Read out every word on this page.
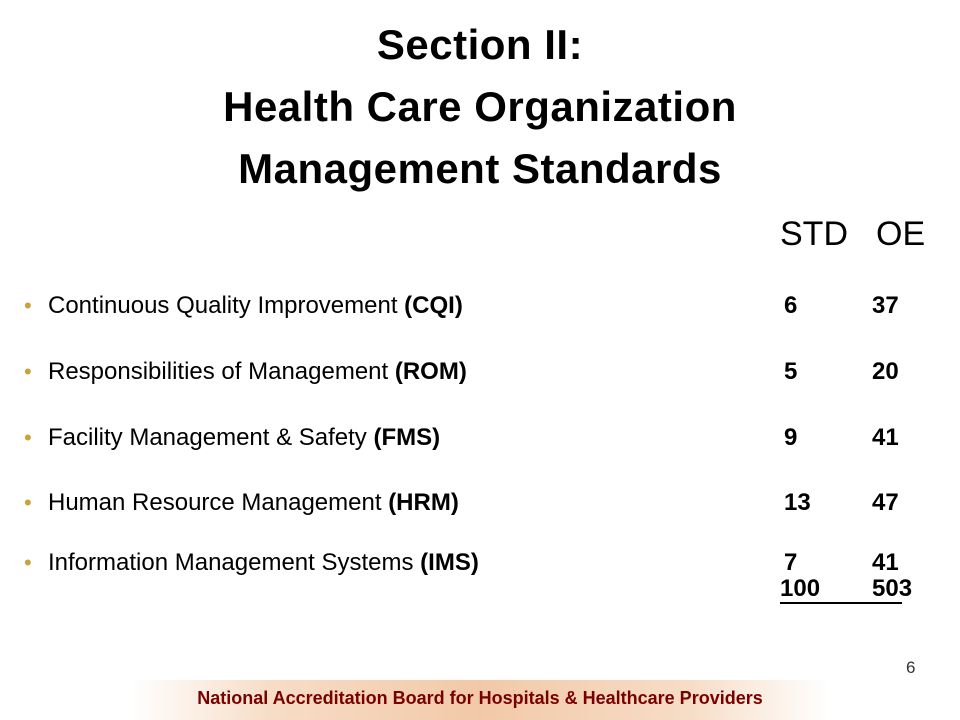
Section II:
Health Care Organization
Management Standards
STD OE
• Continuous Quality Improvement (CQI)	6	37
• Responsibilities of Management (ROM)	5	20
• Facility Management & Safety (FMS)	9	41
• Human Resource Management (HRM)	13	47
• Information Management Systems (IMS)	7	41
100 503
6
National Accreditation Board for Hospitals & Healthcare Providers
